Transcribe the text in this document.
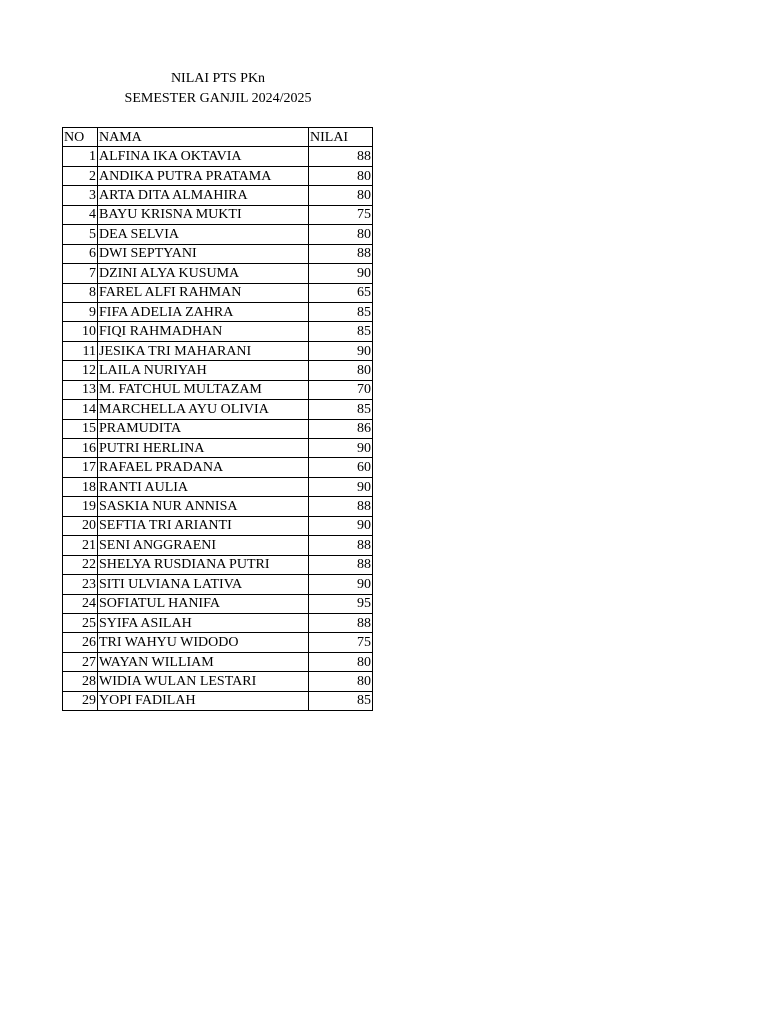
NILAI PTS PKn
SEMESTER GANJIL 2024/2025
NO	NAMA	NILAI
1	ALFINA IKA OKTAVIA	88
2	ANDIKA PUTRA PRATAMA	80
3	ARTA DITA ALMAHIRA	80
4	BAYU KRISNA MUKTI	75
5	DEA SELVIA	80
6	DWI SEPTYANI	88
7	DZINI ALYA KUSUMA	90
8	FAREL ALFI RAHMAN	65
9	FIFA ADELIA ZAHRA	85
10	FIQI RAHMADHAN	85
11	JESIKA TRI MAHARANI	90
12	LAILA NURIYAH	80
13	M. FATCHUL MULTAZAM	70
14	MARCHELLA AYU OLIVIA	85
15	PRAMUDITA	86
16	PUTRI HERLINA	90
17	RAFAEL PRADANA	60
18	RANTI AULIA	90
19	SASKIA NUR ANNISA	88
20	SEFTIA TRI ARIANTI	90
21	SENI ANGGRAENI	88
22	SHELYA RUSDIANA PUTRI	88
23	SITI ULVIANA LATIVA	90
24	SOFIATUL HANIFA	95
25	SYIFA ASILAH	88
26	TRI WAHYU WIDODO	75
27	WAYAN WILLIAM	80
28	WIDIA WULAN LESTARI	80
29	YOPI FADILAH	85
